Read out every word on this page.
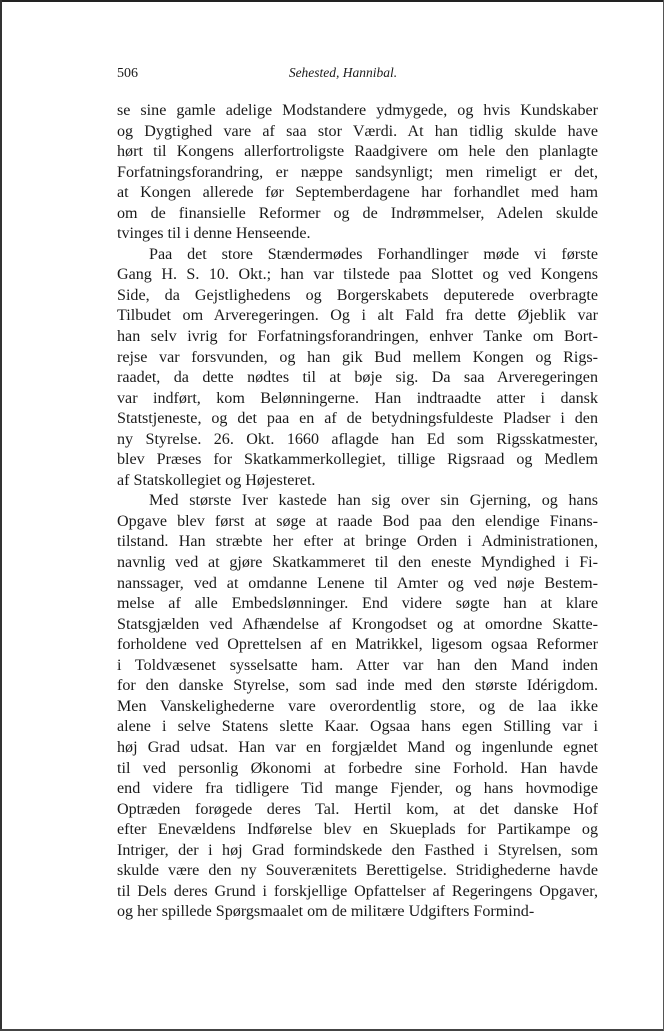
506	Sehested, Hannibal.
se sine gamle adelige Modstandere ydmygede, og hvis Kundskaber
og Dygtighed vare af saa stor Værdi. At han tidlig skulde have
hørt til Kongens allerfortroligste Raadgivere om hele den planlagte
Forfatningsforandring, er næppe sandsynligt; men rimeligt er det,
at Kongen allerede før Septemberdagene har forhandlet med ham
om de finansielle Reformer og de Indrømmelser, Adelen skulde
tvinges til i denne Henseende.
Paa det store Stændermødes Forhandlinger møde vi første
Gang H. S. 10. Okt.; han var tilstede paa Slottet og ved Kongens
Side, da Gejstlighedens og Borgerskabets deputerede overbragte
Tilbudet om Arveregeringen. Og i alt Fald fra dette Øjeblik var
han selv ivrig for Forfatningsforandringen, enhver Tanke om Bort-
rejse var forsvunden, og han gik Bud mellem Kongen og Rigs-
raadet, da dette nødtes til at bøje sig. Da saa Arveregeringen
var indført, kom Belønningerne. Han indtraadte atter i dansk
Statstjeneste, og det paa en af de betydningsfuldeste Pladser i den
ny Styrelse. 26. Okt. 1660 aflagde han Ed som Rigsskatmester,
blev Præses for Skatkammerkollegiet, tillige Rigsraad og Medlem
af Statskollegiet og Højesteret.
Med største Iver kastede han sig over sin Gjerning, og hans
Opgave blev først at søge at raade Bod paa den elendige Finans-
tilstand. Han stræbte her efter at bringe Orden i Administrationen,
navnlig ved at gjøre Skatkammeret til den eneste Myndighed i Fi-
nanssager, ved at omdanne Lenene til Amter og ved nøje Bestem-
melse af alle Embedslønninger. End videre søgte han at klare
Statsgjælden ved Afhændelse af Krongodset og at omordne Skatte-
forholdene ved Oprettelsen af en Matrikkel, ligesom ogsaa Reformer
i Toldvæsenet sysselsatte ham. Atter var han den Mand inden
for den danske Styrelse, som sad inde med den største Idérigdom.
Men Vanskelighederne vare overordentlig store, og de laa ikke
alene i selve Statens slette Kaar. Ogsaa hans egen Stilling var i
høj Grad udsat. Han var en forgjældet Mand og ingenlunde egnet
til ved personlig Økonomi at forbedre sine Forhold. Han havde
end videre fra tidligere Tid mange Fjender, og hans hovmodige
Optræden forøgede deres Tal. Hertil kom, at det danske Hof
efter Enevældens Indførelse blev en Skueplads for Partikampe og
Intriger, der i høj Grad formindskede den Fasthed i Styrelsen, som
skulde være den ny Souverænitets Berettigelse. Stridighederne havde
til Dels deres Grund i forskjellige Opfattelser af Regeringens Opgaver,
og her spillede Spørgsmaalet om de militære Udgifters Formind-
